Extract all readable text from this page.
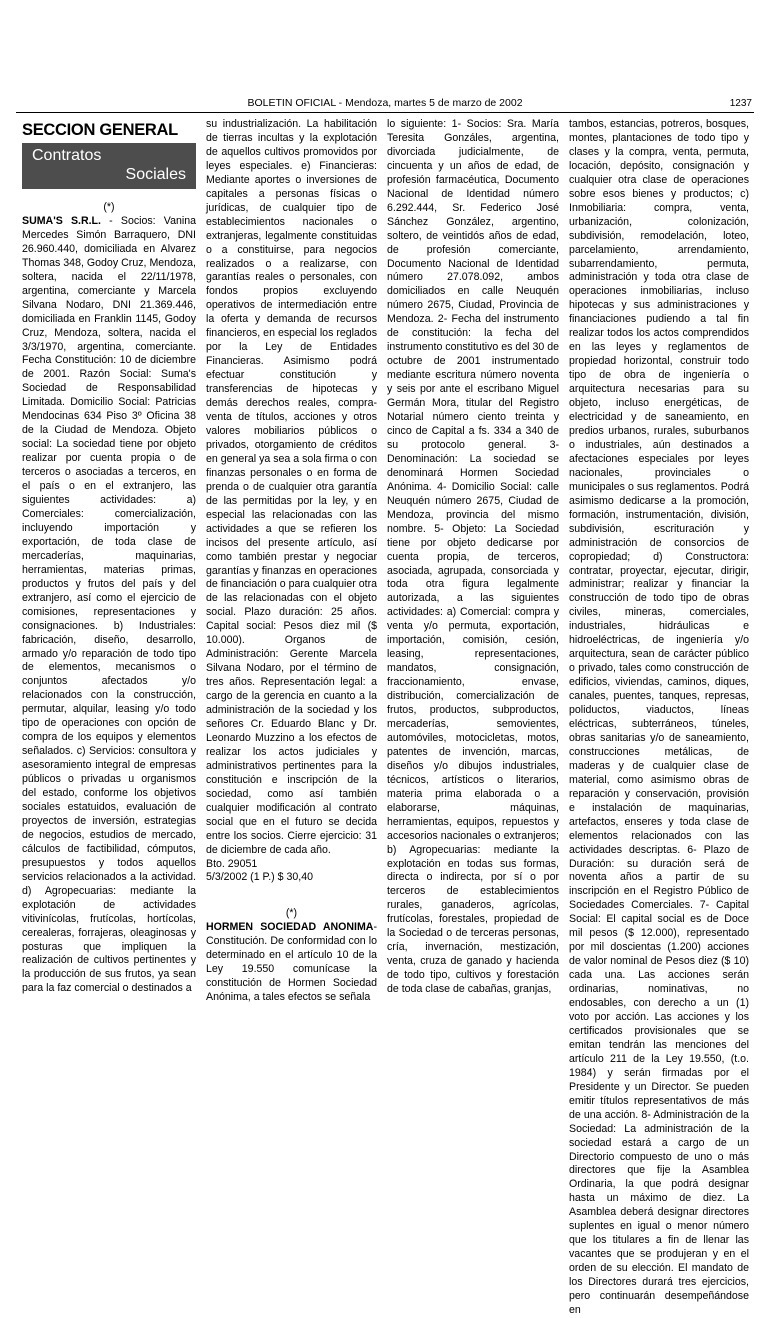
BOLETIN OFICIAL - Mendoza, martes 5 de marzo de 2002	1237
SECCION GENERAL
Contratos
Sociales

(*)

SUMA'S S.R.L. - Socios: Vanina Mercedes Simón Barraquero, DNI 26.960.440, domiciliada en Alvarez Thomas 348, Godoy Cruz, Mendoza, soltera, nacida el 22/11/1978, argentina, comerciante y Marcela Silvana Nodaro, DNI 21.369.446, domiciliada en Franklin 1145, Godoy Cruz, Mendoza, soltera, nacida el 3/3/1970, argentina, comerciante. Fecha Constitución: 10 de diciembre de 2001. Razón Social: Suma's Sociedad de Responsabilidad Limitada. Domicilio Social: Patricias Mendocinas 634 Piso 3º Oficina 38 de la Ciudad de Mendoza. Objeto social: La sociedad tiene por objeto realizar por cuenta propia o de terceros o asociadas a terceros, en el país o en el extranjero, las siguientes actividades: a) Comerciales: comercialización, incluyendo importación y exportación, de toda clase de mercaderías, maquinarias, herramientas, materias primas, productos y frutos del país y del extranjero, así como el ejercicio de comisiones, representaciones y consignaciones. b) Industriales: fabricación, diseño, desarrollo, armado y/o reparación de todo tipo de elementos, mecanismos o conjuntos afectados y/o relacionados con la construcción, permutar, alquilar, leasing y/o todo tipo de operaciones con opción de compra de los equipos y elementos señalados. c) Servicios: consultora y asesoramiento integral de empresas públicos o privadas u organismos del estado, conforme los objetivos sociales estatuidos, evaluación de proyectos de inversión, estrategias de negocios, estudios de mercado, cálculos de factibilidad, cómputos, presupuestos y todos aquellos servicios relacionados a la actividad. d) Agropecuarias: mediante la explotación de actividades vitivinícolas, frutícolas, hortícolas, cerealeras, forrajeras, oleaginosas y posturas que impliquen la realización de cultivos pertinentes y la producción de sus frutos, ya sean para la faz comercial o destinados a

su industrialización. La habilitación de tierras incultas y la explotación de aquellos cultivos promovidos por leyes especiales. e) Financieras: Mediante aportes o inversiones de capitales a personas físicas o jurídicas, de cualquier tipo de establecimientos nacionales o extranjeras, legalmente constituidas o a constituirse, para negocios realizados o a realizarse, con garantías reales o personales, con fondos propios excluyendo operativos de intermediación entre la oferta y demanda de recursos financieros, en especial los reglados por la Ley de Entidades Financieras. Asimismo podrá efectuar constitución y transferencias de hipotecas y demás derechos reales, compra-venta de títulos, acciones y otros valores mobiliarios públicos o privados, otorgamiento de créditos en general ya sea a sola firma o con finanzas personales o en forma de prenda o de cualquier otra garantía de las permitidas por la ley, y en especial las relacionadas con las actividades a que se refieren los incisos del presente artículo, así como también prestar y negociar garantías y finanzas en operaciones de financiación o para cualquier otra de las relacionadas con el objeto social. Plazo duración: 25 años. Capital social: Pesos diez mil ($ 10.000). Organos de Administración: Gerente Marcela Silvana Nodaro, por el término de tres años. Representación legal: a cargo de la gerencia en cuanto a la administración de la sociedad y los señores Cr. Eduardo Blanc y Dr. Leonardo Muzzino a los efectos de realizar los actos judiciales y administrativos pertinentes para la constitución e inscripción de la sociedad, como así también cualquier modificación al contrato social que en el futuro se decida entre los socios. Cierre ejercicio: 31 de diciembre de cada año.

Bto. 29051

5/3/2002 (1 P.) $ 30,40

(*)

HORMEN SOCIEDAD ANONIMA- Constitución. De conformidad con lo determinado en el artículo 10 de la Ley 19.550 comunícase la constitución de Hormen Sociedad Anónima, a tales efectos se señala

lo siguiente: 1- Socios: Sra. María Teresita Gonzáles, argentina, divorciada judicialmente, de cincuenta y un años de edad, de profesión farmacéutica, Documento Nacional de Identidad número 6.292.444, Sr. Federico José Sánchez González, argentino, soltero, de veintidós años de edad, de profesión comerciante, Documento Nacional de Identidad número 27.078.092, ambos domiciliados en calle Neuquén número 2675, Ciudad, Provincia de Mendoza. 2- Fecha del instrumento de constitución: la fecha del instrumento constitutivo es del 30 de octubre de 2001 instrumentado mediante escritura número noventa y seis por ante el escribano Miguel Germán Mora, titular del Registro Notarial número ciento treinta y cinco de Capital a fs. 334 a 340 de su protocolo general. 3- Denominación: La sociedad se denominará Hormen Sociedad Anónima. 4- Domicilio Social: calle Neuquén número 2675, Ciudad de Mendoza, provincia del mismo nombre. 5- Objeto: La Sociedad tiene por objeto dedicarse por cuenta propia, de terceros, asociada, agrupada, consorciada y toda otra figura legalmente autorizada, a las siguientes actividades: a) Comercial: compra y venta y/o permuta, exportación, importación, comisión, cesión, leasing, representaciones, mandatos, consignación, fraccionamiento, envase, distribución, comercialización de frutos, productos, subproductos, mercaderías, semovientes, automóviles, motocicletas, motos, patentes de invención, marcas, diseños y/o dibujos industriales, técnicos, artísticos o literarios, materia prima elaborada o a elaborarse, máquinas, herramientas, equipos, repuestos y accesorios nacionales o extranjeros; b) Agropecuarias: mediante la explotación en todas sus formas, directa o indirecta, por sí o por terceros de establecimientos rurales, ganaderos, agrícolas, frutícolas, forestales, propiedad de la Sociedad o de terceras personas, cría, invernación, mestización, venta, cruza de ganado y hacienda de todo tipo, cultivos y forestación de toda clase de cabañas, granjas,

tambos, estancias, potreros, bosques, montes, plantaciones de todo tipo y clases y la compra, venta, permuta, locación, depósito, consignación y cualquier otra clase de operaciones sobre esos bienes y productos; c) Inmobiliaria: compra, venta, urbanización, colonización, subdivisión, remodelación, loteo, parcelamiento, arrendamiento, subarrendamiento, permuta, administración y toda otra clase de operaciones inmobiliarias, incluso hipotecas y sus administraciones y financiaciones pudiendo a tal fin realizar todos los actos comprendidos en las leyes y reglamentos de propiedad horizontal, construir todo tipo de obra de ingeniería o arquitectura necesarias para su objeto, incluso energéticas, de electricidad y de saneamiento, en predios urbanos, rurales, suburbanos o industriales, aún destinados a afectaciones especiales por leyes nacionales, provinciales o municipales o sus reglamentos. Podrá asimismo dedicarse a la promoción, formación, instrumentación, división, subdivisión, escrituración y administración de consorcios de copropiedad; d) Constructora: contratar, proyectar, ejecutar, dirigir, administrar; realizar y financiar la construcción de todo tipo de obras civiles, mineras, comerciales, industriales, hidráulicas e hidroeléctricas, de ingeniería y/o arquitectura, sean de carácter público o privado, tales como construcción de edificios, viviendas, caminos, diques, canales, puentes, tanques, represas, poliductos, viaductos, líneas eléctricas, subterráneos, túneles, obras sanitarias y/o de saneamiento, construcciones metálicas, de maderas y de cualquier clase de material, como asimismo obras de reparación y conservación, provisión e instalación de maquinarias, artefactos, enseres y toda clase de elementos relacionados con las actividades descriptas. 6- Plazo de Duración: su duración será de noventa años a partir de su inscripción en el Registro Público de Sociedades Comerciales. 7- Capital Social: El capital social es de Doce mil pesos ($ 12.000), representado por mil doscientas (1.200) acciones de valor nominal de Pesos diez ($ 10) cada una. Las acciones serán ordinarias, nominativas, no endosables, con derecho a un (1) voto por acción. Las acciones y los certificados provisionales que se emitan tendrán las menciones del artículo 211 de la Ley 19.550, (t.o. 1984) y serán firmadas por el Presidente y un Director. Se pueden emitir títulos representativos de más de una acción. 8- Administración de la Sociedad: La administración de la sociedad estará a cargo de un Directorio compuesto de uno o más directores que fije la Asamblea Ordinaria, la que podrá designar hasta un máximo de diez. La Asamblea deberá designar directores suplentes en igual o menor número que los titulares a fin de llenar las vacantes que se produjeran y en el orden de su elección. El mandato de los Directores durará tres ejercicios, pero continuarán desempeñándose en
